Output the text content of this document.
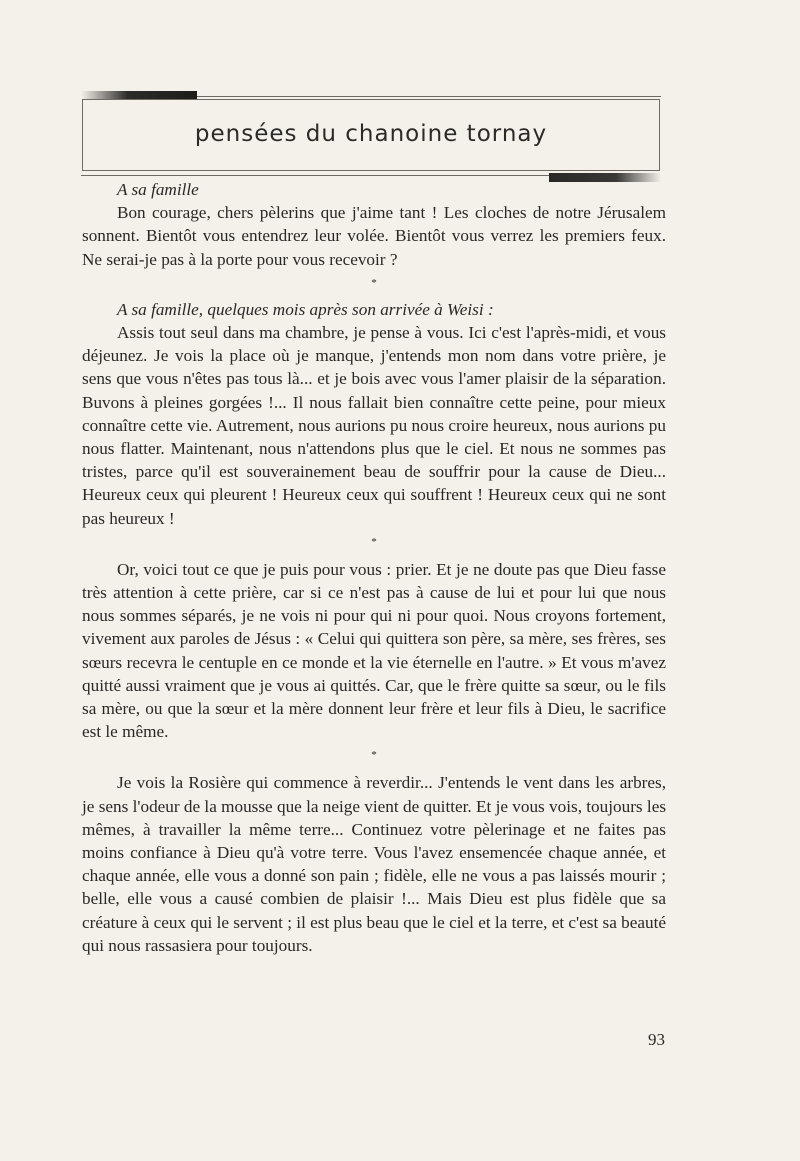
pensées du chanoine tornay
A sa famille

Bon courage, chers pèlerins que j'aime tant ! Les cloches de notre Jérusalem sonnent. Bientôt vous entendrez leur volée. Bientôt vous verrez les premiers feux. Ne serai-je pas à la porte pour vous recevoir ?

*
A sa famille, quelques mois après son arrivée à Weisi :

Assis tout seul dans ma chambre, je pense à vous. Ici c'est l'après-midi, et vous déjeunez. Je vois la place où je manque, j'entends mon nom dans votre prière, je sens que vous n'êtes pas tous là... et je bois avec vous l'amer plaisir de la séparation. Buvons à pleines gorgées !... Il nous fallait bien connaître cette peine, pour mieux connaître cette vie. Autrement, nous aurions pu nous croire heureux, nous aurions pu nous flatter. Maintenant, nous n'attendons plus que le ciel. Et nous ne sommes pas tristes, parce qu'il est souverainement beau de souffrir pour la cause de Dieu... Heureux ceux qui pleurent ! Heureux ceux qui souffrent ! Heureux ceux qui ne sont pas heureux !

*

Or, voici tout ce que je puis pour vous : prier. Et je ne doute pas que Dieu fasse très attention à cette prière, car si ce n'est pas à cause de lui et pour lui que nous nous sommes séparés, je ne vois ni pour qui ni pour quoi. Nous croyons fortement, vivement aux paroles de Jésus : « Celui qui quittera son père, sa mère, ses frères, ses sœurs recevra le centuple en ce monde et la vie éternelle en l'autre. » Et vous m'avez quitté aussi vraiment que je vous ai quittés. Car, que le frère quitte sa sœur, ou le fils sa mère, ou que la sœur et la mère donnent leur frère et leur fils à Dieu, le sacrifice est le même.

*

Je vois la Rosière qui commence à reverdir... J'entends le vent dans les arbres, je sens l'odeur de la mousse que la neige vient de quitter. Et je vous vois, toujours les mêmes, à travailler la même terre... Continuez votre pèlerinage et ne faites pas moins confiance à Dieu qu'à votre terre. Vous l'avez ensemencée chaque année, et chaque année, elle vous a donné son pain ; fidèle, elle ne vous a pas laissés mourir ; belle, elle vous a causé combien de plaisir !... Mais Dieu est plus fidèle que sa créature à ceux qui le servent ; il est plus beau que le ciel et la terre, et c'est sa beauté qui nous rassasiera pour toujours.

93
